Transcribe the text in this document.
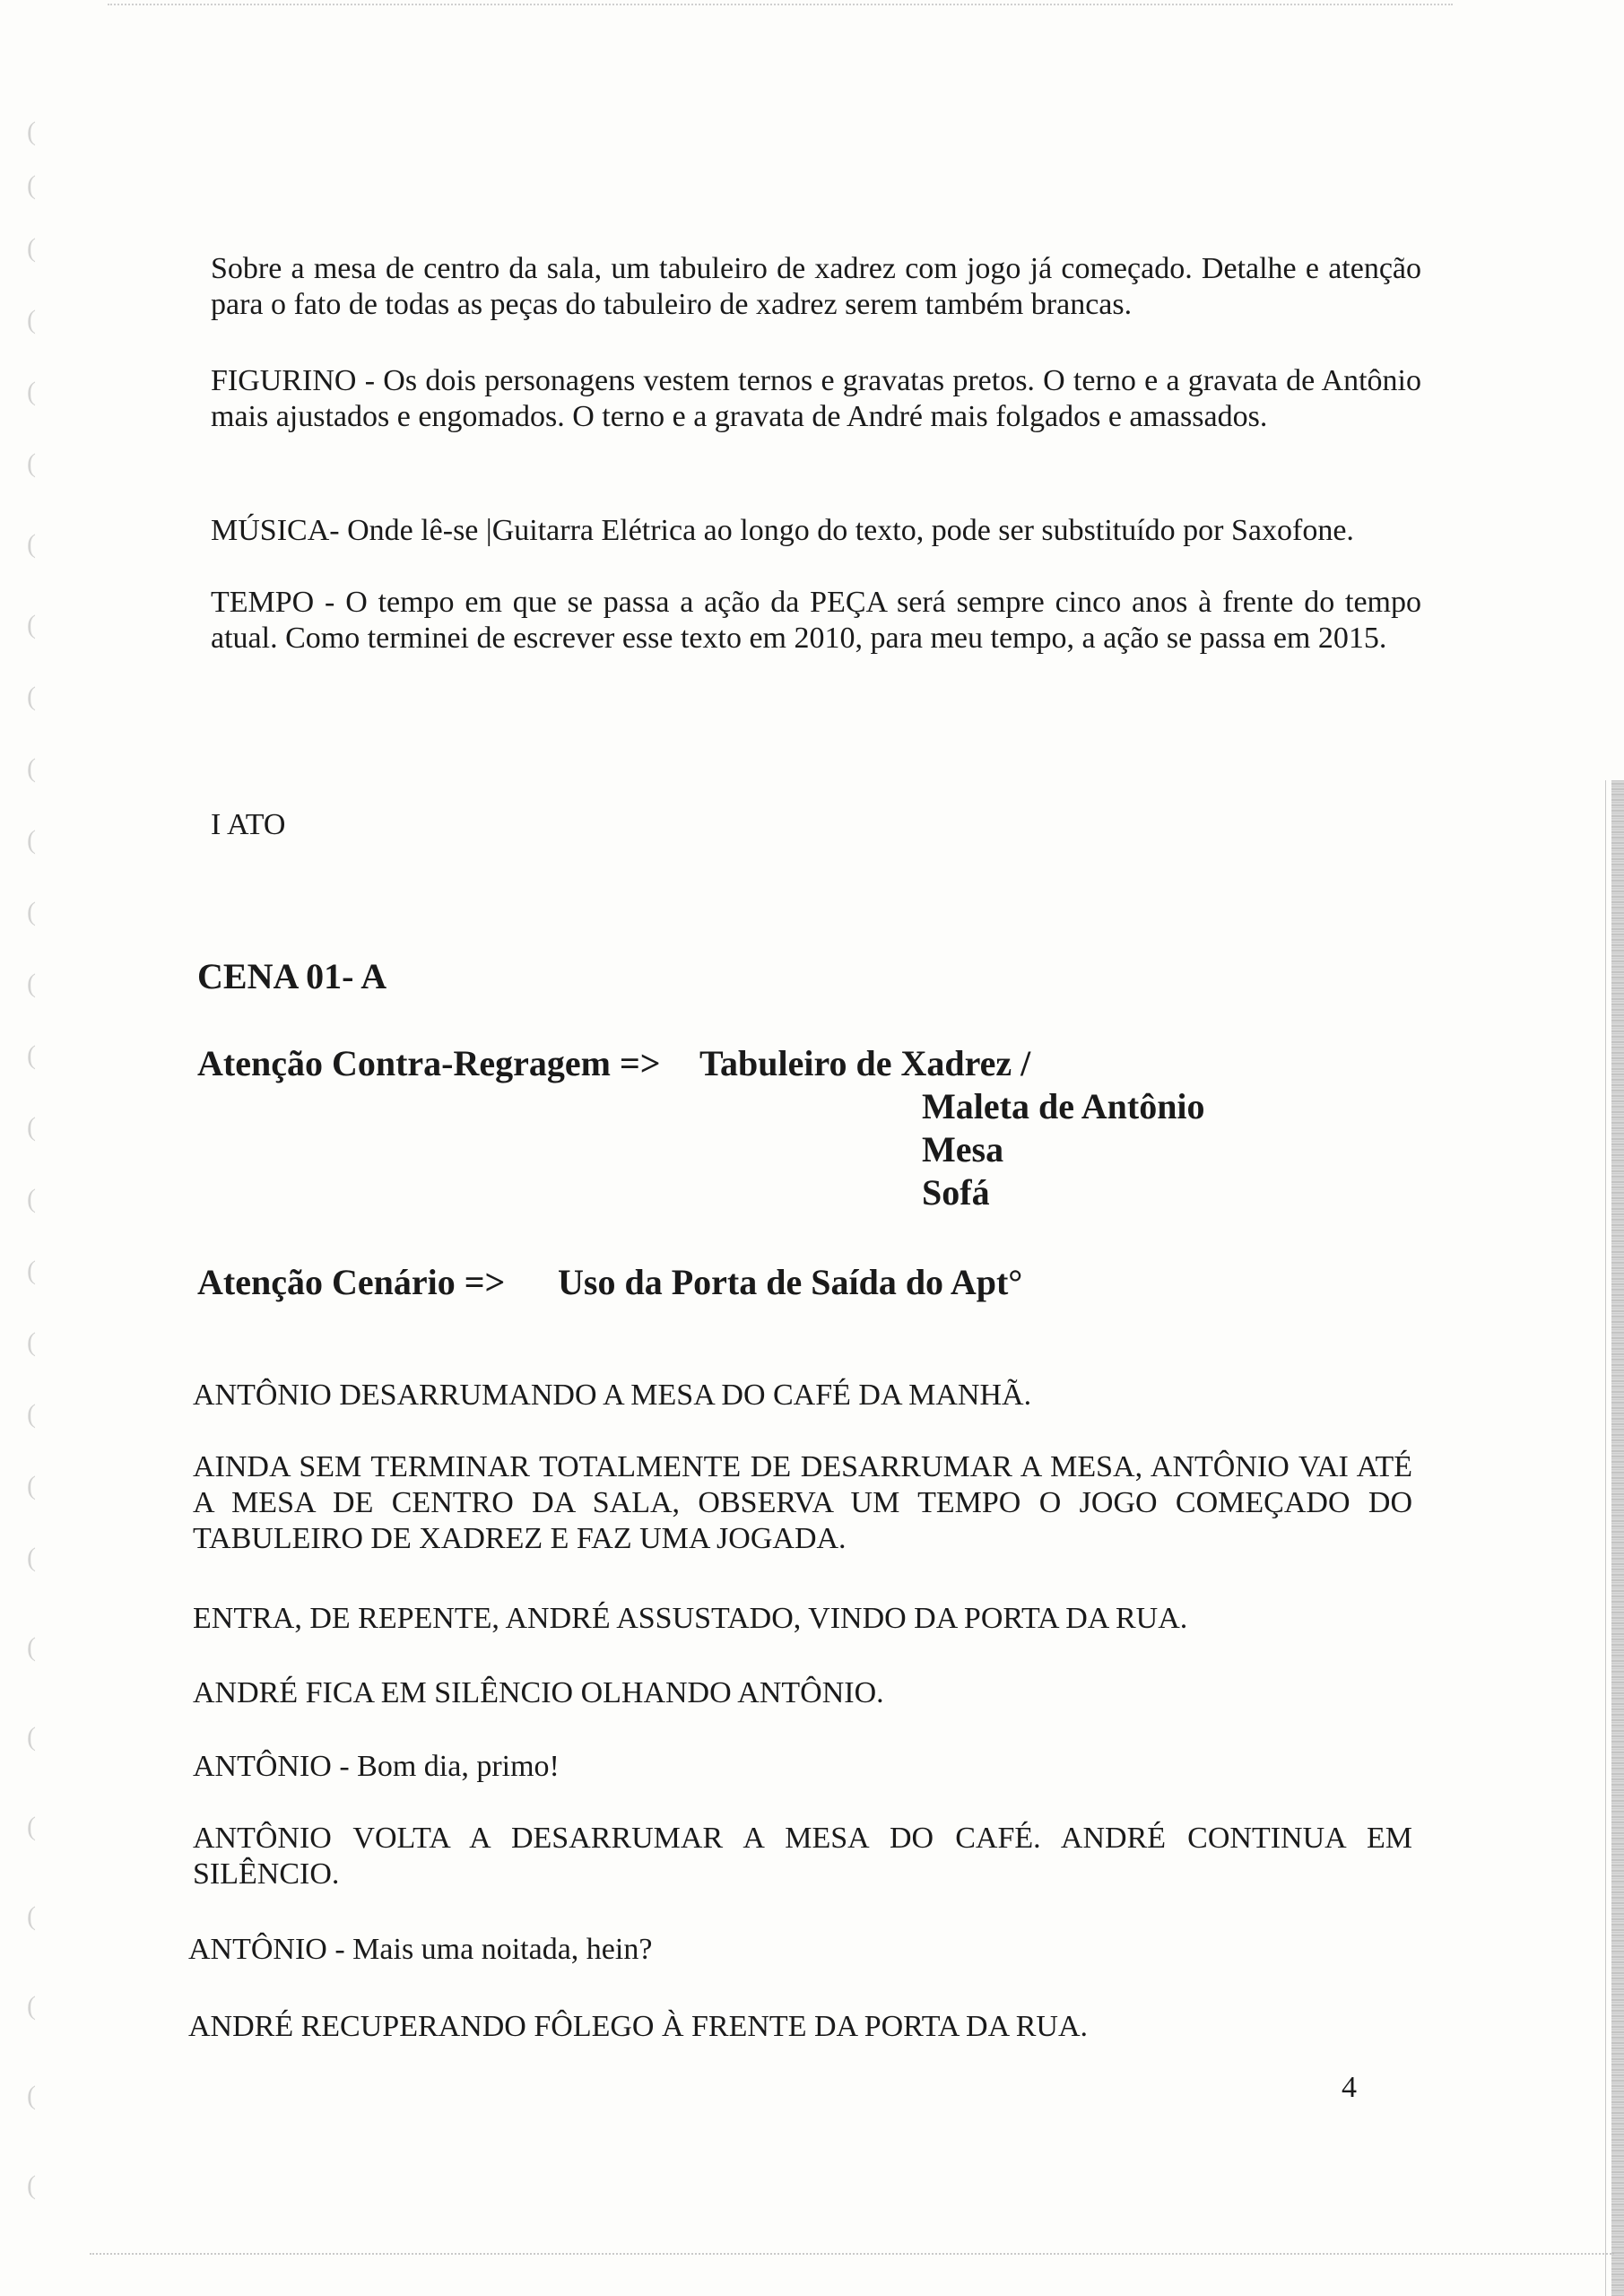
(
(
(
(
(
(
(
(
(
(
(
(
(
(
(
(
(
(
(
(
(
(
(
(
(
(
(
(
Sobre a mesa de centro da sala, um tabuleiro de xadrez com jogo já começado. Detalhe e atenção para o fato de todas as peças do tabuleiro de xadrez serem também brancas.
FIGURINO - Os dois personagens vestem ternos e gravatas pretos. O terno e a gravata de Antônio mais ajustados e engomados. O terno e a gravata de André mais folgados e amassados.
MÚSICA- Onde lê-se |Guitarra Elétrica ao longo do texto, pode ser substituído por Saxofone.
TEMPO - O tempo em que se passa a ação da PEÇA será sempre cinco anos à frente do tempo atual. Como terminei de escrever esse texto em 2010, para meu tempo, a ação se passa em 2015.
I ATO
CENA 01- A
Atenção Contra-Regragem => Tabuleiro de Xadrez /
Maleta de Antônio
Mesa
Sofá
Atenção Cenário => Uso da Porta de Saída do Apt°
ANTÔNIO DESARRUMANDO A MESA DO CAFÉ DA MANHÃ.
AINDA SEM TERMINAR TOTALMENTE DE DESARRUMAR A MESA, ANTÔNIO VAI ATÉ A MESA DE CENTRO DA SALA, OBSERVA UM TEMPO O JOGO COMEÇADO DO TABULEIRO DE XADREZ E FAZ UMA JOGADA.
ENTRA, DE REPENTE, ANDRÉ ASSUSTADO, VINDO DA PORTA DA RUA.
ANDRÉ FICA EM SILÊNCIO OLHANDO ANTÔNIO.
ANTÔNIO - Bom dia, primo!
ANTÔNIO VOLTA A DESARRUMAR A MESA DO CAFÉ. ANDRÉ CONTINUA EM SILÊNCIO.
ANTÔNIO - Mais uma noitada, hein?
ANDRÉ RECUPERANDO FÔLEGO À FRENTE DA PORTA DA RUA.
4
